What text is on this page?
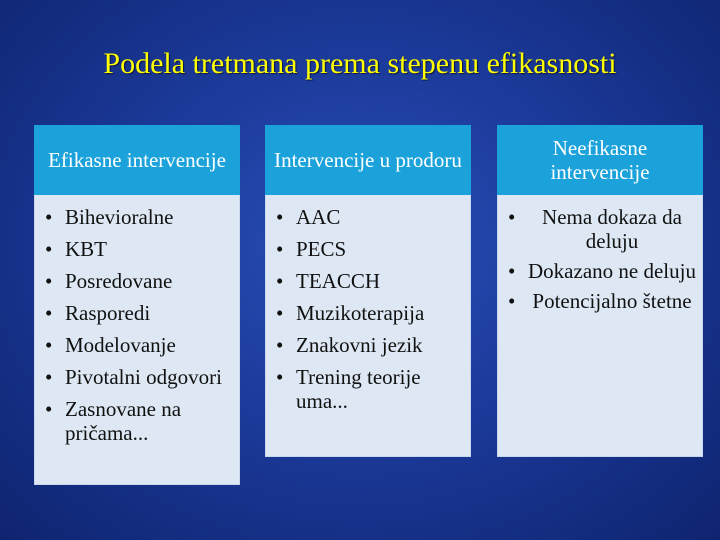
Podela tretmana prema stepenu efikasnosti
Efikasne intervencije
• Bihevioralne
• KBT
• Posredovane
• Rasporedi
• Modelovanje
• Pivotalni odgovori
• Zasnovane na pričama...
Intervencije u prodoru
• AAC
• PECS
• TEACCH
• Muzikoterapija
• Znakovni jezik
• Trening teorije uma...
Neefikasne intervencije
• Nema dokaza da deluju
• Dokazano ne deluju
• Potencijalno štetne
